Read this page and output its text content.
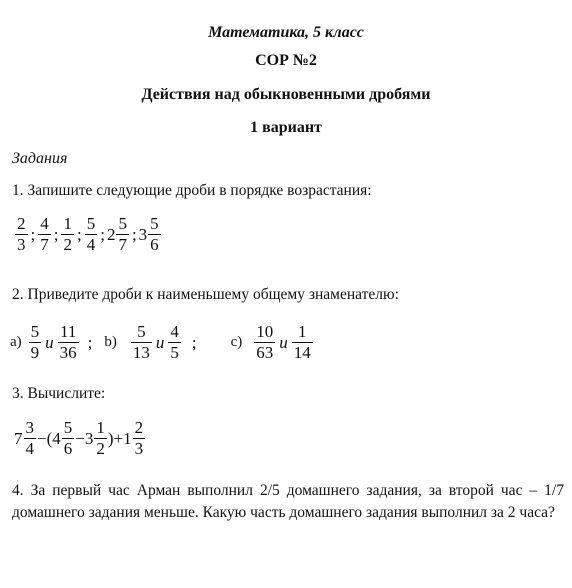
Математика, 5 класс
СОР №2
Действия над обыкновенными дробями
1 вариант
Задания
1. Запишите следующие дроби в порядке возрастания:
$\frac{2}{3}$ ; $\frac{4}{7}$ ; $\frac{1}{2}$ ; $\frac{5}{4}$ ; $2 \frac{5}{7}$ ; $3 \frac{5}{6}$
2. Приведите дроби к наименьшему общему знаменателю:
$а) \frac{5}{9}$ и $\frac{11}{36}$ ; $b) \frac{5}{13}$ и $\frac{4}{5}$ ; $c) \frac{10}{63}$ и $\frac{1}{14}$
3. Вычислите:
$7 \frac{3}{4} -(4 \frac{5}{6} -3 \frac{1}{2} )+1 \frac{2}{3}$
4. За первый час Арман выполнил 2/5 домашнего задания, за второй час – 1/7 домашнего задания меньше. Какую часть домашнего задания выполнил за 2 часа?
